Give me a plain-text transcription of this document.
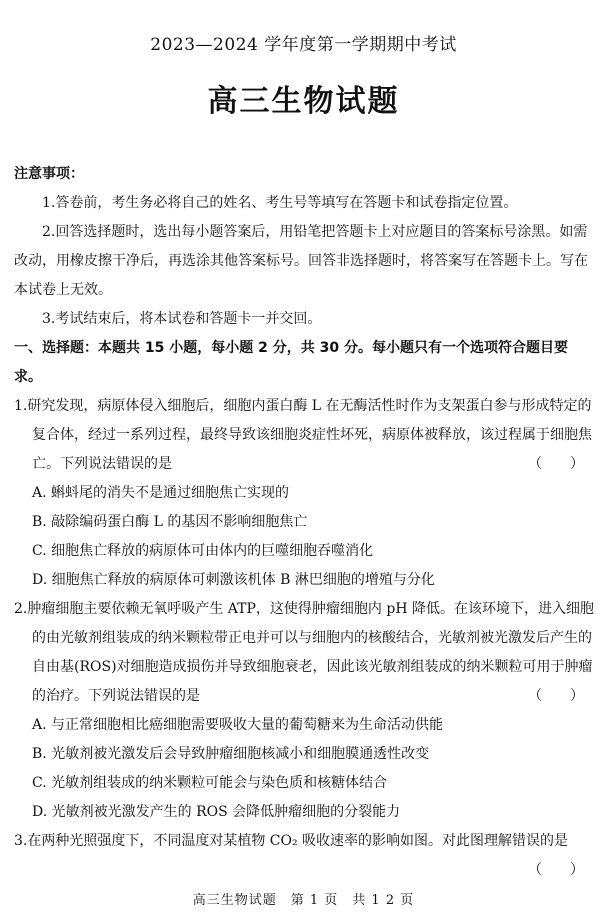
2023—2024 学年度第一学期期中考试
高三生物试题

注意事项：

1.答卷前，考生务必将自己的姓名、考生号等填写在答题卡和试卷指定位置。

2.回答选择题时，选出每小题答案后，用铅笔把答题卡上对应题目的答案标号涂黑。如需改动，用橡皮擦干净后，再选涂其他答案标号。回答非选择题时，将答案写在答题卡上。写在本试卷上无效。

3.考试结束后，将本试卷和答题卡一并交回。

一、选择题：本题共 15 小题，每小题 2 分，共 30 分。每小题只有一个选项符合题目要求。

1.研究发现，病原体侵入细胞后，细胞内蛋白酶 L 在无酶活性时作为支架蛋白参与形成特定的复合体，经过一系列过程，最终导致该细胞炎症性坏死，病原体被释放，该过程属于细胞焦亡。下列说法错误的是	（　　）

A. 蝌蚪尾的消失不是通过细胞焦亡实现的

B. 敲除编码蛋白酶 L 的基因不影响细胞焦亡

C. 细胞焦亡释放的病原体可由体内的巨噬细胞吞噬消化

D. 细胞焦亡释放的病原体可刺激该机体 B 淋巴细胞的增殖与分化

2.肿瘤细胞主要依赖无氧呼吸产生 ATP，这使得肿瘤细胞内 pH 降低。在该环境下，进入细胞的由光敏剂组装成的纳米颗粒带正电并可以与细胞内的核酸结合，光敏剂被光激发后产生的自由基(ROS)对细胞造成损伤并导致细胞衰老，因此该光敏剂组装成的纳米颗粒可用于肿瘤的治疗。下列说法错误的是	（　　）

A. 与正常细胞相比癌细胞需要吸收大量的葡萄糖来为生命活动供能

B. 光敏剂被光激发后会导致肿瘤细胞核减小和细胞膜通透性改变

C. 光敏剂组装成的纳米颗粒可能会与染色质和核糖体结合

D. 光敏剂被光激发产生的 ROS 会降低肿瘤细胞的分裂能力

3.在两种光照强度下，不同温度对某植物 CO₂ 吸收速率的影响如图。对此图理解错误的是
（　　）

高三生物试题　第 1 页　共 1 2 页
